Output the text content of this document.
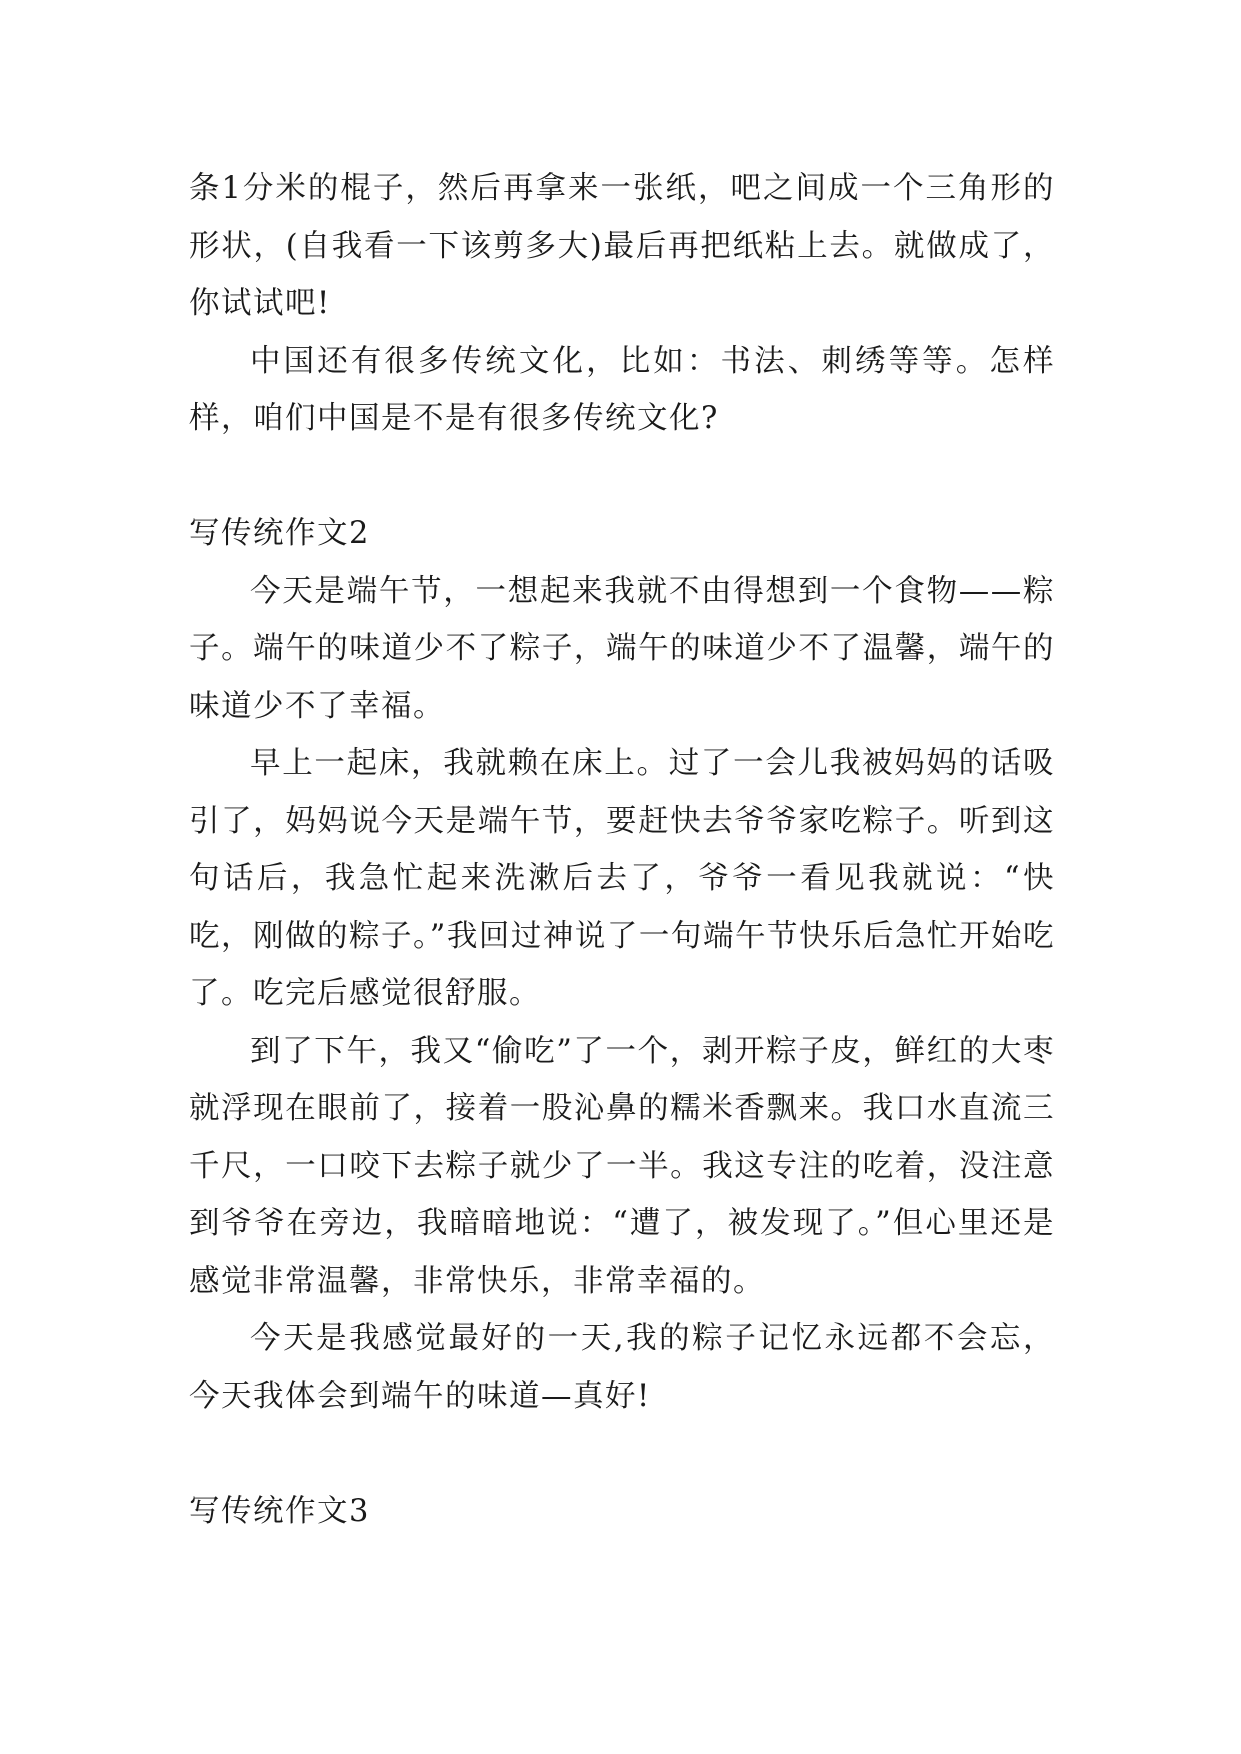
条1分米的棍子，然后再拿来一张纸，吧之间成一个三角形的形状，(自我看一下该剪多大)最后再把纸粘上去。就做成了，你试试吧!

中国还有很多传统文化，比如：书法、刺绣等等。怎样样，咱们中国是不是有很多传统文化?

写传统作文2

今天是端午节，一想起来我就不由得想到一个食物——粽子。端午的味道少不了粽子，端午的味道少不了温馨，端午的味道少不了幸福。

早上一起床，我就赖在床上。过了一会儿我被妈妈的话吸引了，妈妈说今天是端午节，要赶快去爷爷家吃粽子。听到这句话后，我急忙起来洗漱后去了，爷爷一看见我就说：“快吃，刚做的粽子。”我回过神说了一句端午节快乐后急忙开始吃了。吃完后感觉很舒服。

到了下午，我又“偷吃”了一个，剥开粽子皮，鲜红的大枣就浮现在眼前了，接着一股沁鼻的糯米香飘来。我口水直流三千尺，一口咬下去粽子就少了一半。我这专注的吃着，没注意到爷爷在旁边，我暗暗地说：“遭了，被发现了。”但心里还是感觉非常温馨，非常快乐，非常幸福的。

今天是我感觉最好的一天,我的粽子记忆永远都不会忘，今天我体会到端午的味道—真好!

写传统作文3
